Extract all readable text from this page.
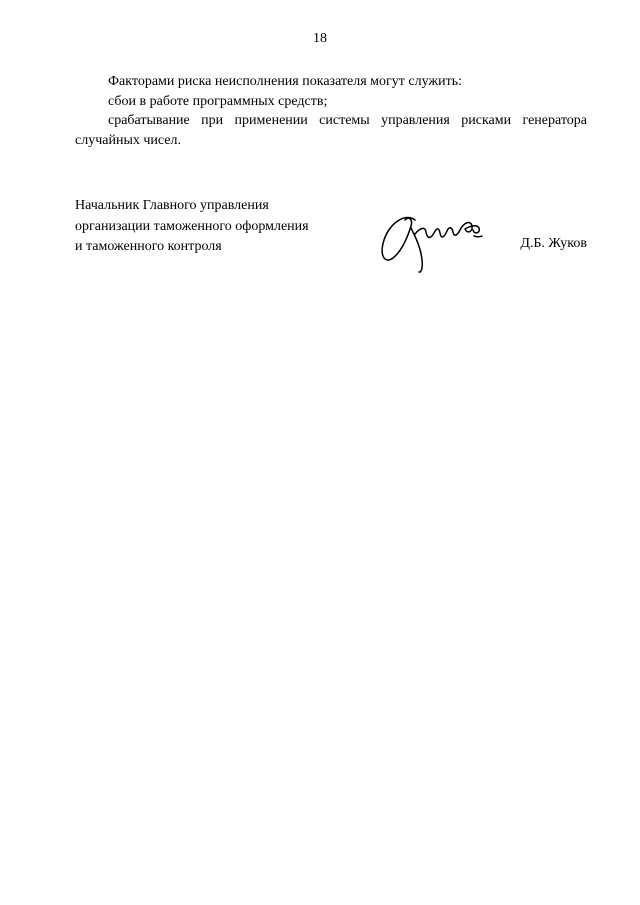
18

Факторами риска неисполнения показателя могут служить:

сбои в работе программных средств;

срабатывание при применении системы управления рисками генератора случайных чисел.

Начальник Главного управления
организации таможенного оформления
и таможенного контроля	Д.Б. Жуков
